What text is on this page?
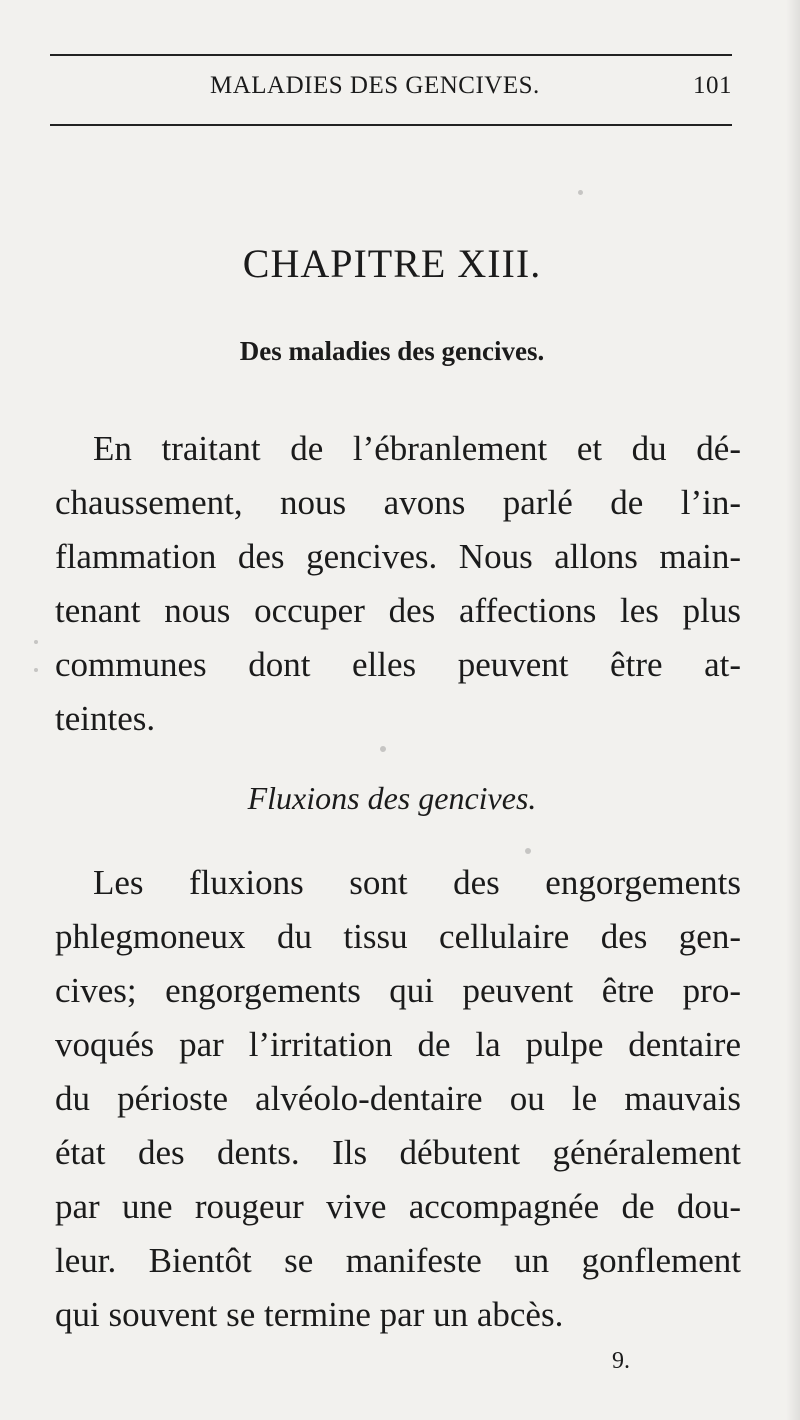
MALADIES DES GENCIVES.	101
CHAPITRE XIII.
Des maladies des gencives.
En traitant de l’ébranlement et du dé-
chaussement, nous avons parlé de l’in-
flammation des gencives. Nous allons main-
tenant nous occuper des affections les plus
communes dont elles peuvent être at-
teintes.
Fluxions des gencives.
Les fluxions sont des engorgements
phlegmoneux du tissu cellulaire des gen-
cives; engorgements qui peuvent être pro-
voqués par l’irritation de la pulpe dentaire
du périoste alvéolo-dentaire ou le mauvais
état des dents. Ils débutent généralement
par une rougeur vive accompagnée de dou-
leur. Bientôt se manifeste un gonflement
qui souvent se termine par un abcès.
9.
